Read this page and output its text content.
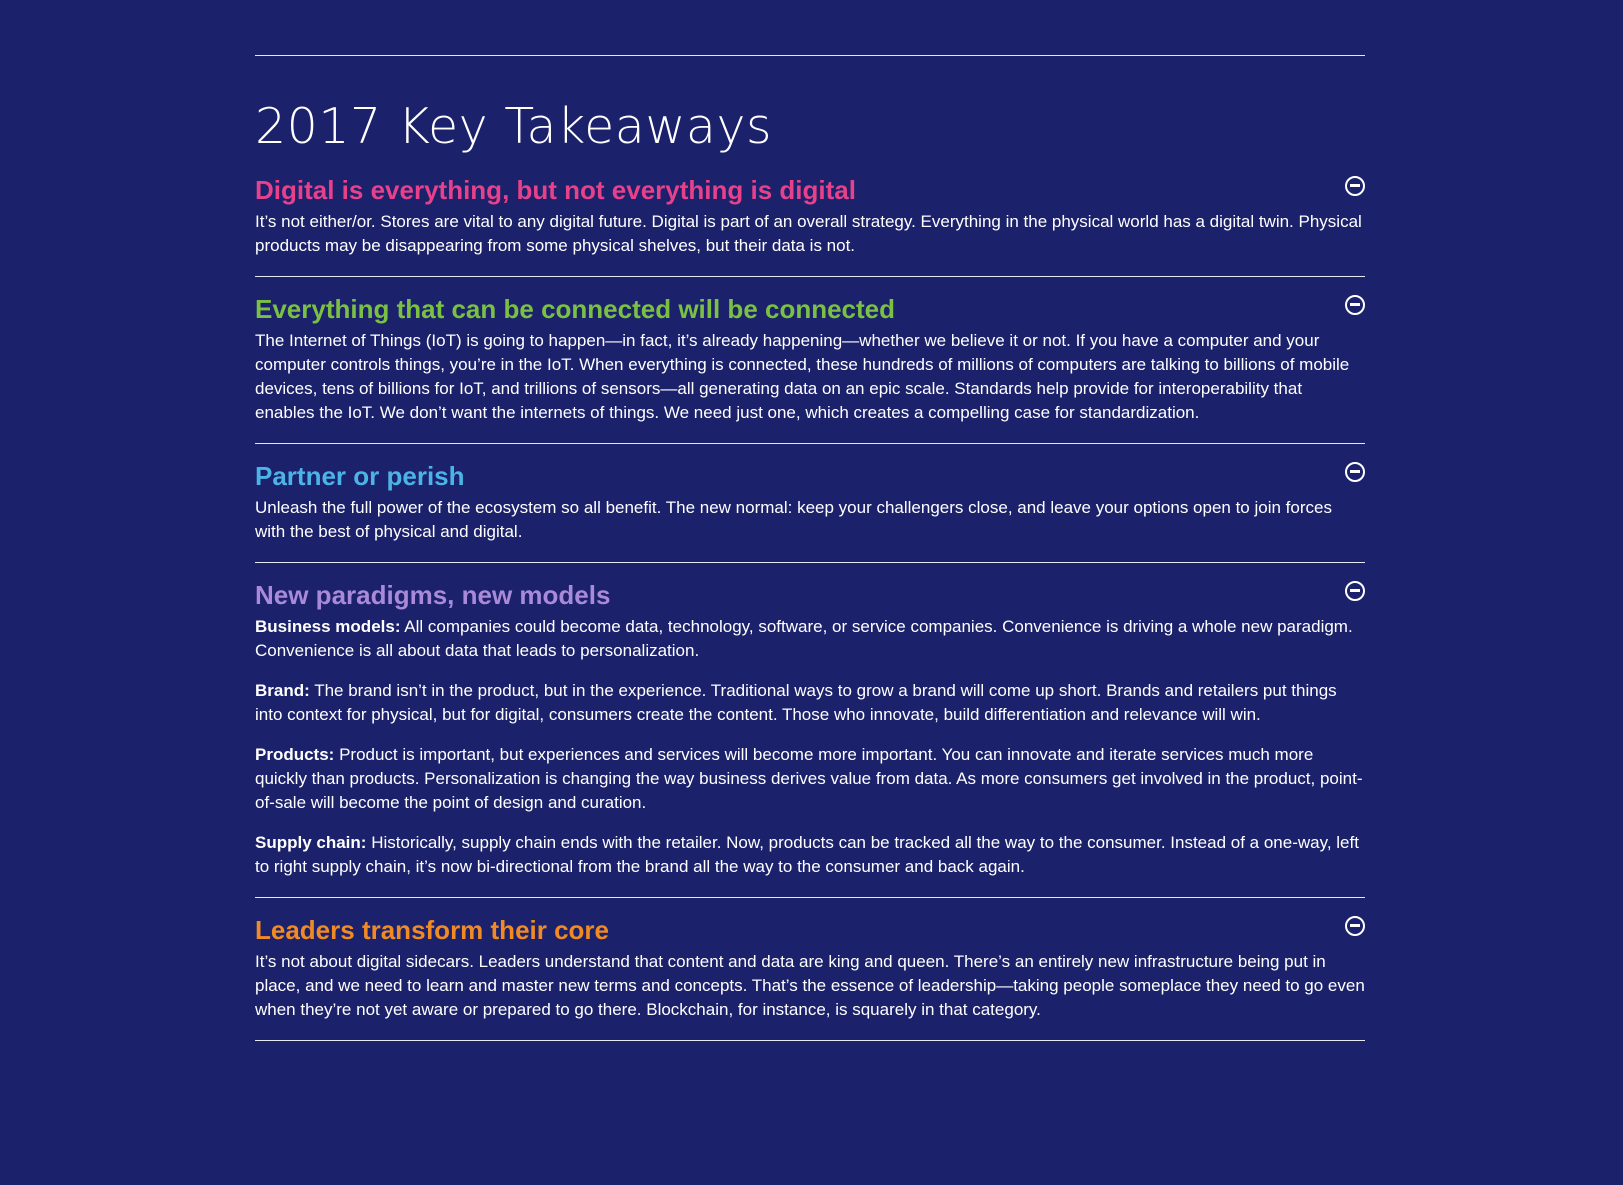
2017 Key Takeaways
Digital is everything, but not everything is digital

It’s not either/or. Stores are vital to any digital future. Digital is part of an overall strategy. Everything in the physical world has a digital twin. Physical products may be disappearing from some physical shelves, but their data is not.

Everything that can be connected will be connected

The Internet of Things (IoT) is going to happen—in fact, it’s already happening—whether we believe it or not. If you have a computer and your computer controls things, you’re in the IoT. When everything is connected, these hundreds of millions of computers are talking to billions of mobile devices, tens of billions for IoT, and trillions of sensors—all generating data on an epic scale. Standards help provide for interoperability that enables the IoT. We don’t want the internets of things. We need just one, which creates a compelling case for standardization.

Partner or perish

Unleash the full power of the ecosystem so all benefit. The new normal: keep your challengers close, and leave your options open to join forces with the best of physical and digital.

New paradigms, new models

Business models: All companies could become data, technology, software, or service companies. Convenience is driving a whole new paradigm. Convenience is all about data that leads to personalization.

Brand: The brand isn’t in the product, but in the experience. Traditional ways to grow a brand will come up short. Brands and retailers put things into context for physical, but for digital, consumers create the content. Those who innovate, build differentiation and relevance will win.

Products: Product is important, but experiences and services will become more important. You can innovate and iterate services much more quickly than products. Personalization is changing the way business derives value from data. As more consumers get involved in the product, point-of-sale will become the point of design and curation.

Supply chain: Historically, supply chain ends with the retailer. Now, products can be tracked all the way to the consumer. Instead of a one-way, left to right supply chain, it’s now bi-directional from the brand all the way to the consumer and back again.

Leaders transform their core

It’s not about digital sidecars. Leaders understand that content and data are king and queen. There’s an entirely new infrastructure being put in place, and we need to learn and master new terms and concepts. That’s the essence of leadership—taking people someplace they need to go even when they’re not yet aware or prepared to go there. Blockchain, for instance, is squarely in that category.
